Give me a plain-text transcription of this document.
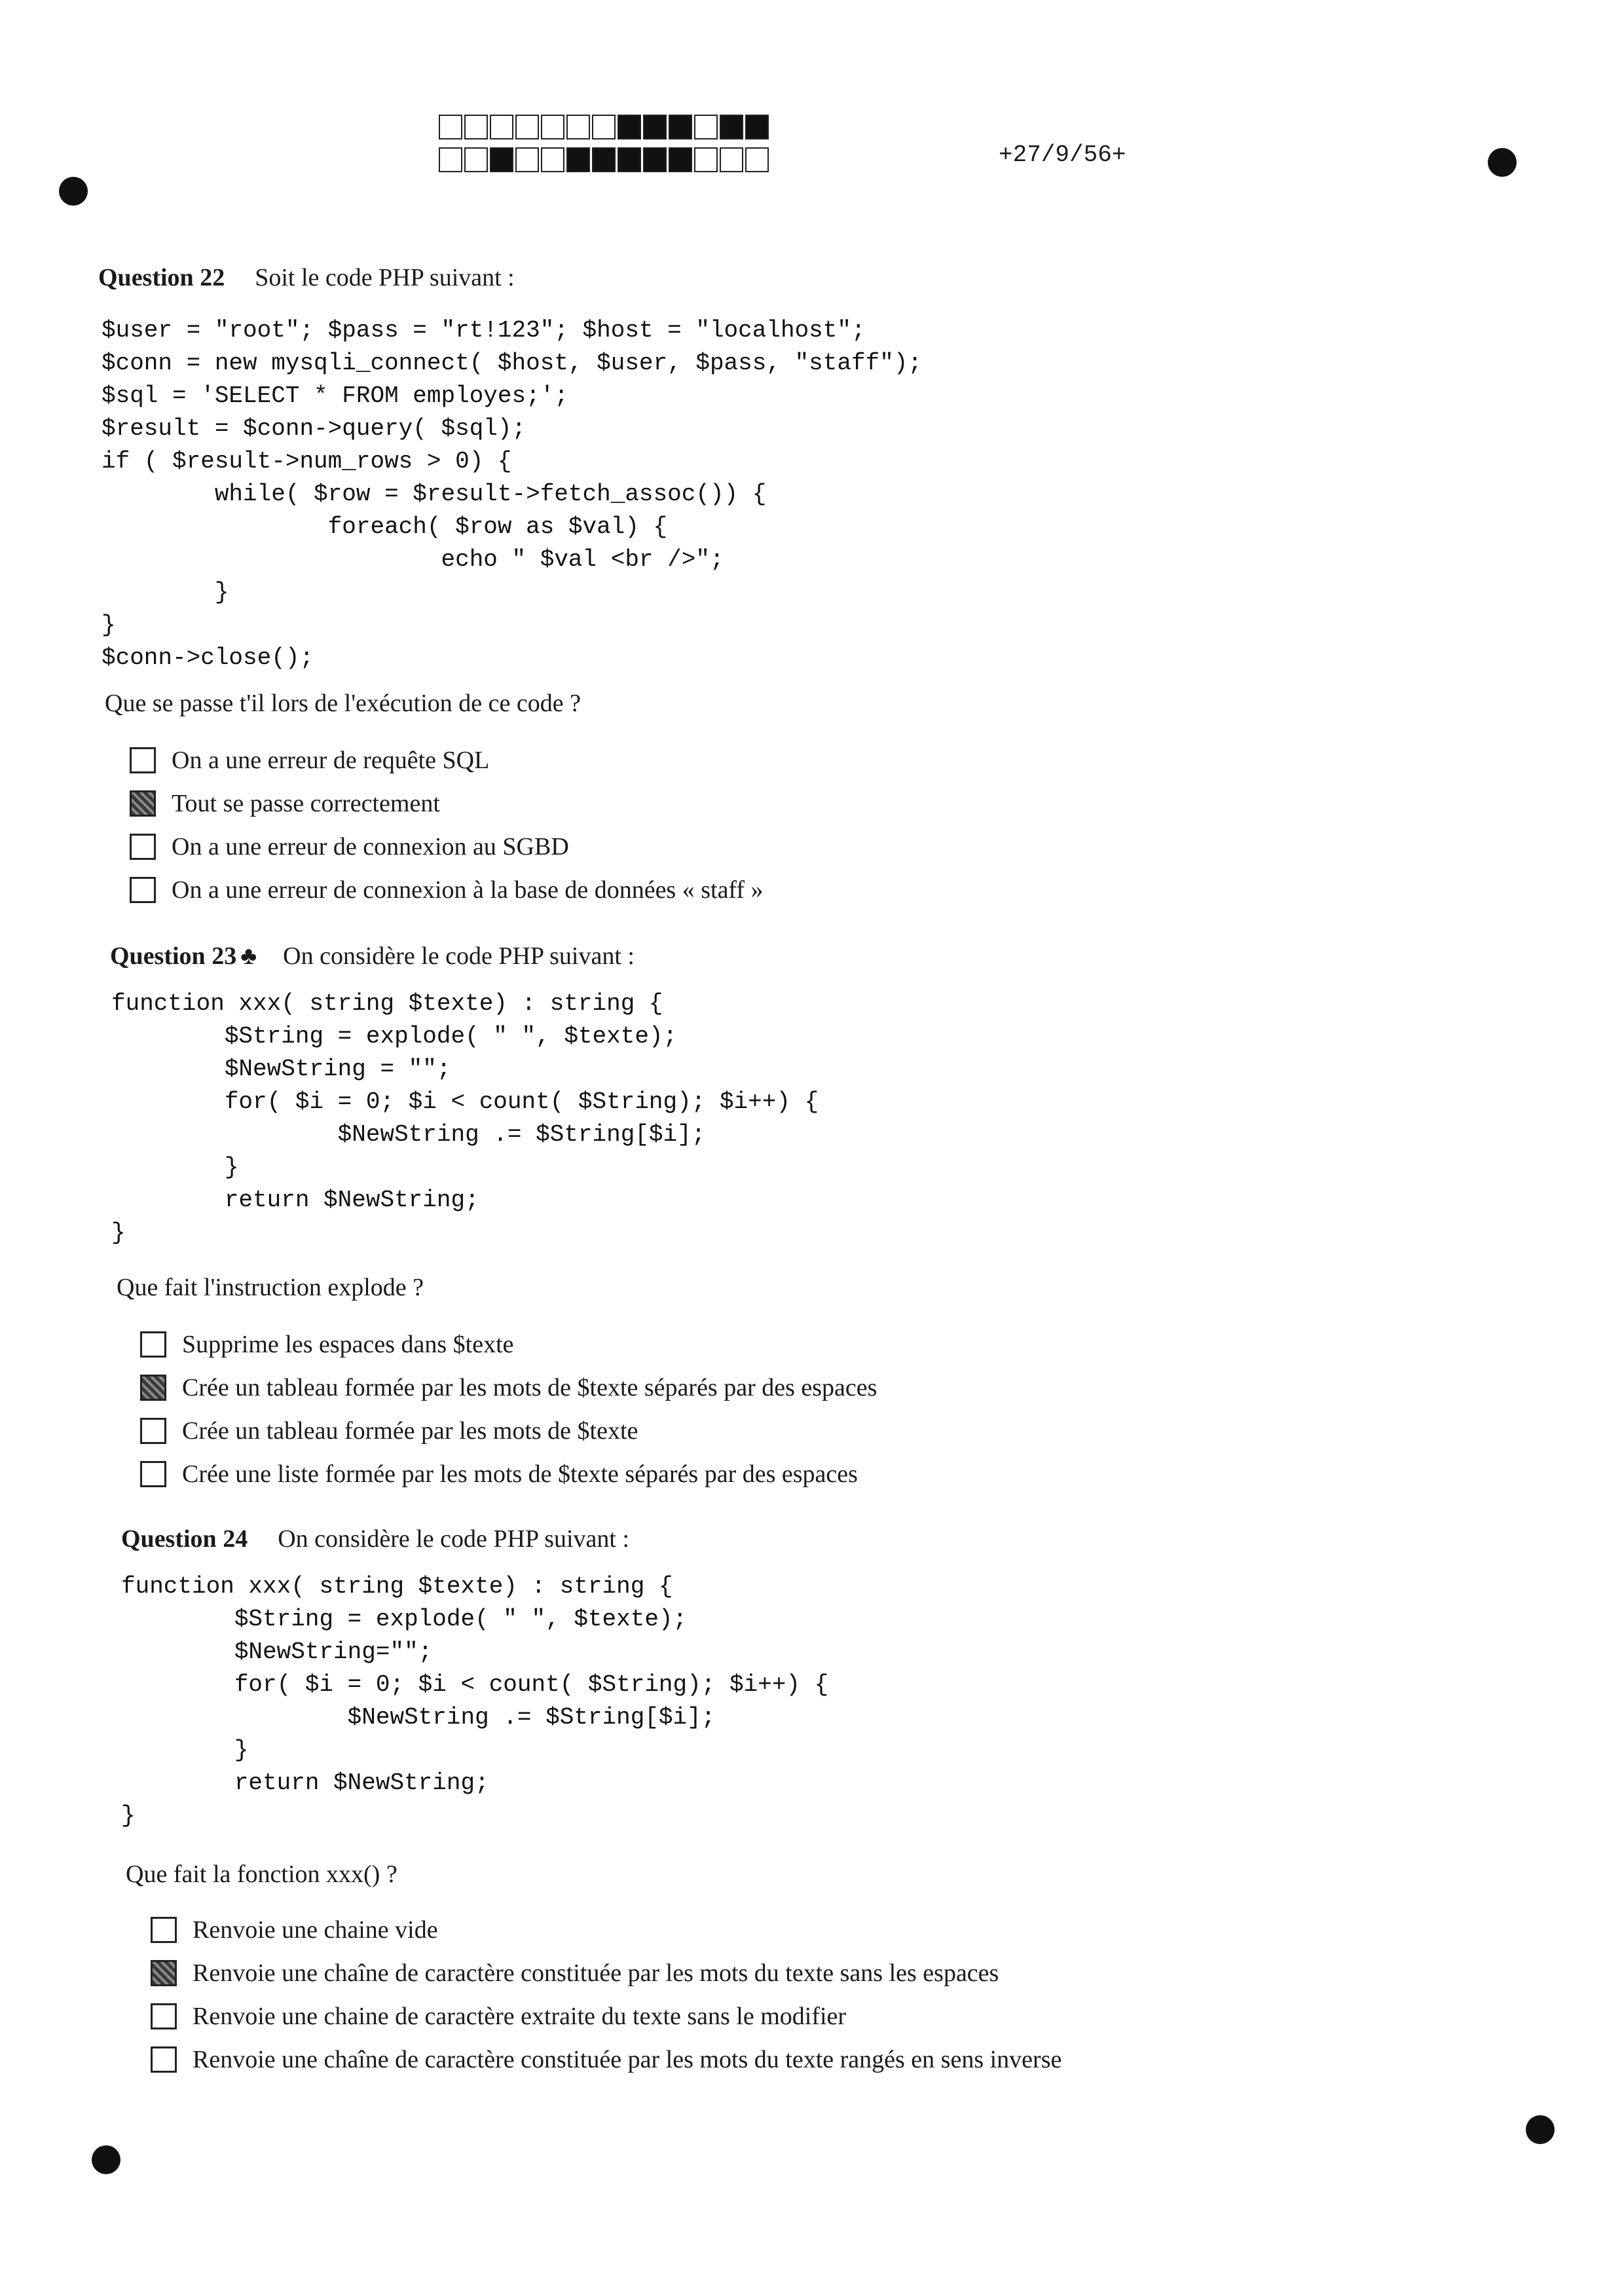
+27/9/56+
Question 22 Soit le code PHP suivant :
$user = "root"; $pass = "rt!123"; $host = "localhost";
$conn = new mysqli_connect( $host, $user, $pass, "staff");
$sql = 'SELECT * FROM employes;';
$result = $conn->query( $sql);
if ( $result->num_rows > 0) {
while( $row = $result->fetch_assoc()) {
foreach( $row as $val) {
echo " $val <br />";
}
}
$conn->close();
Que se passe t'il lors de l'exécution de ce code ?
On a une erreur de requête SQL
Tout se passe correctement
On a une erreur de connexion au SGBD
On a une erreur de connexion à la base de données « staff »
Question 23 ♣ On considère le code PHP suivant :
function xxx( string $texte) : string {
$String = explode( " ", $texte);
$NewString = "";
for( $i = 0; $i < count( $String); $i++) {
$NewString .= $String[$i];
}
return $NewString;
}
Que fait l'instruction explode ?
Supprime les espaces dans $texte
Crée un tableau formée par les mots de $texte séparés par des espaces
Crée un tableau formée par les mots de $texte
Crée une liste formée par les mots de $texte séparés par des espaces
Question 24 On considère le code PHP suivant :
function xxx( string $texte) : string {
$String = explode( " ", $texte);
$NewString="";
for( $i = 0; $i < count( $String); $i++) {
$NewString .= $String[$i];
}
return $NewString;
}
Que fait la fonction xxx() ?
Renvoie une chaine vide
Renvoie une chaîne de caractère constituée par les mots du texte sans les espaces
Renvoie une chaine de caractère extraite du texte sans le modifier
Renvoie une chaîne de caractère constituée par les mots du texte rangés en sens inverse
